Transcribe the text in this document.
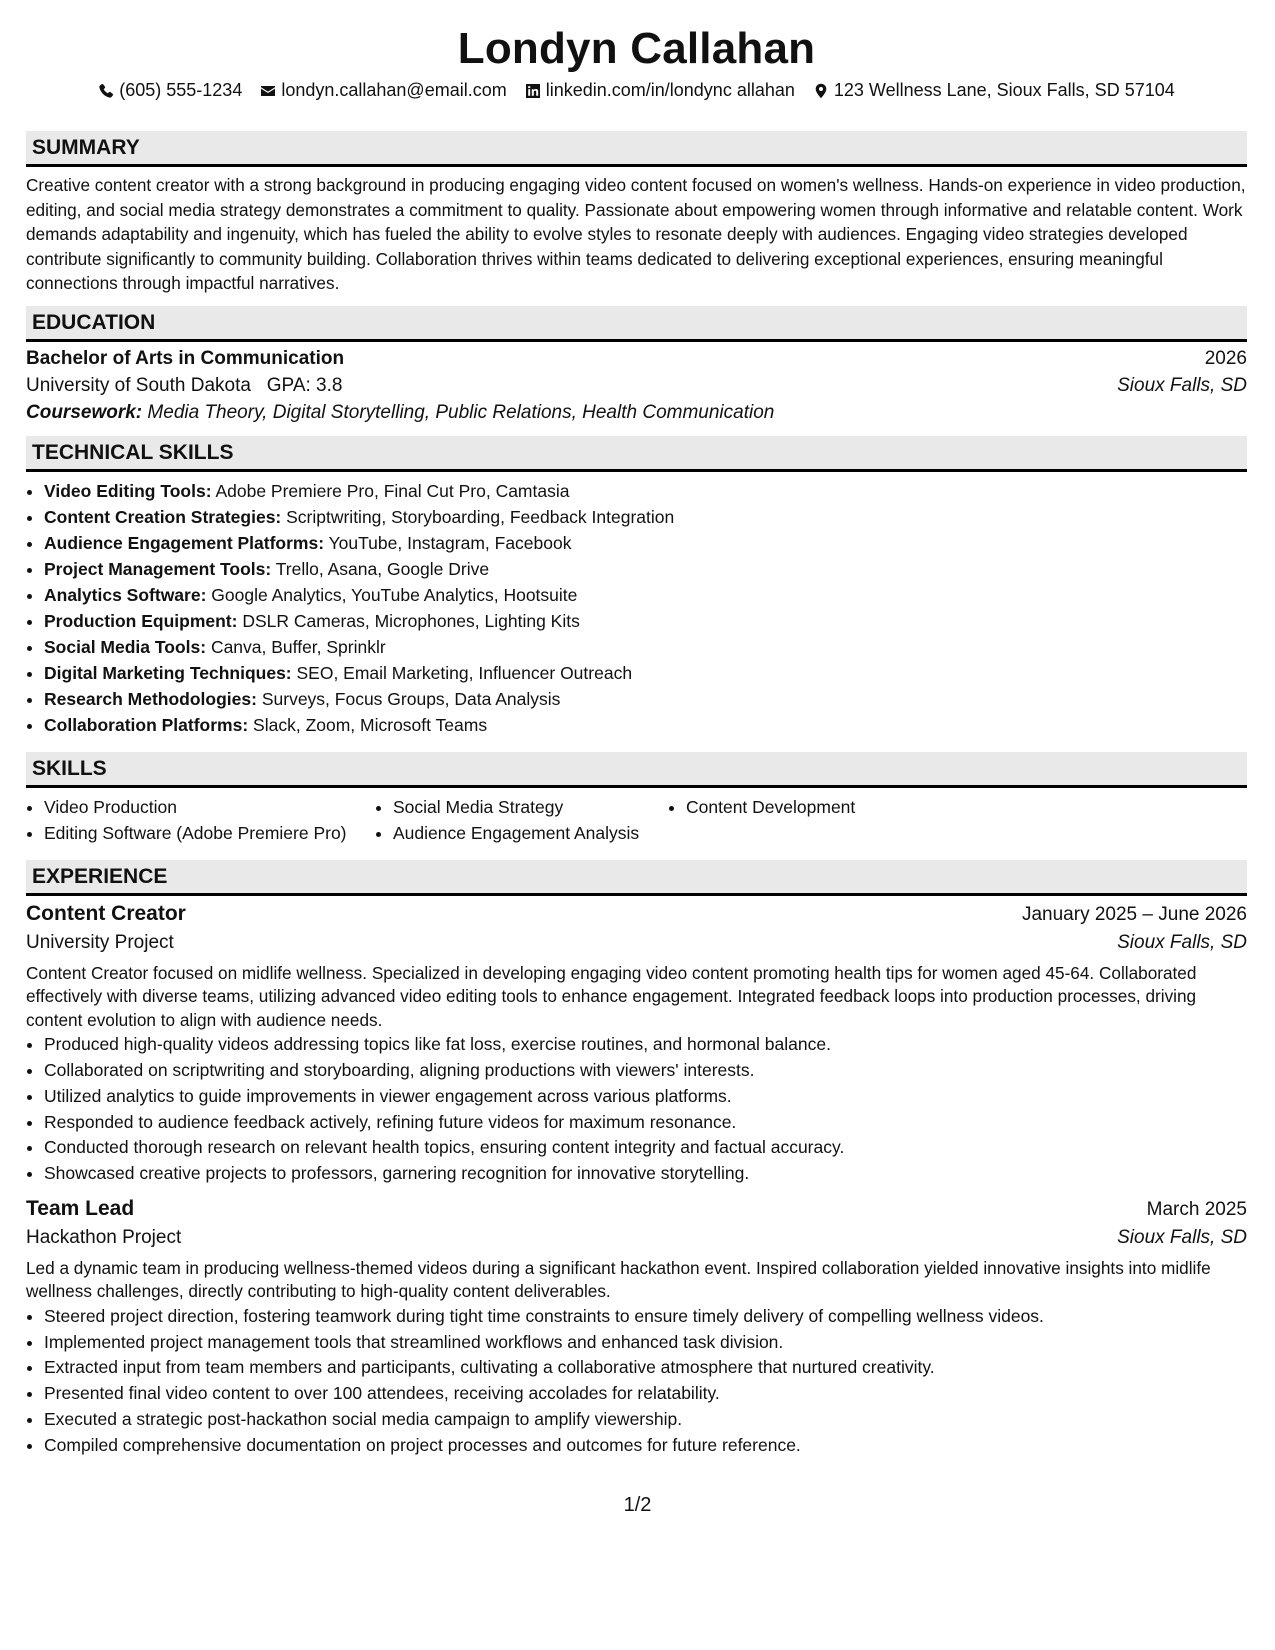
Londyn Callahan
(605) 555-1234 londyn.callahan@email.com linkedin.com/in/londync allahan 123 Wellness Lane, Sioux Falls, SD 57104
SUMMARY

Creative content creator with a strong background in producing engaging video content focused on women's wellness. Hands-on experience in video production, editing, and social media strategy demonstrates a commitment to quality. Passionate about empowering women through informative and relatable content. Work demands adaptability and ingenuity, which has fueled the ability to evolve styles to resonate deeply with audiences. Engaging video strategies developed contribute significantly to community building. Collaboration thrives within teams dedicated to delivering exceptional experiences, ensuring meaningful connections through impactful narratives.

EDUCATION
Bachelor of Arts in Communication	2026
University of South Dakota   GPA: 3.8	Sioux Falls, SD
Coursework: Media Theory, Digital Storytelling, Public Relations, Health Communication
TECHNICAL SKILLS
• Video Editing Tools: Adobe Premiere Pro, Final Cut Pro, Camtasia
• Content Creation Strategies: Scriptwriting, Storyboarding, Feedback Integration
• Audience Engagement Platforms: YouTube, Instagram, Facebook
• Project Management Tools: Trello, Asana, Google Drive
• Analytics Software: Google Analytics, YouTube Analytics, Hootsuite
• Production Equipment: DSLR Cameras, Microphones, Lighting Kits
• Social Media Tools: Canva, Buffer, Sprinklr
• Digital Marketing Techniques: SEO, Email Marketing, Influencer Outreach
• Research Methodologies: Surveys, Focus Groups, Data Analysis
• Collaboration Platforms: Slack, Zoom, Microsoft Teams
SKILLS
• Video Production
• Editing Software (Adobe Premiere Pro)
• Social Media Strategy
• Audience Engagement Analysis
• Content Development
EXPERIENCE
Content Creator	January 2025 – June 2026
University Project	Sioux Falls, SD
Content Creator focused on midlife wellness. Specialized in developing engaging video content promoting health tips for women aged 45-64. Collaborated effectively with diverse teams, utilizing advanced video editing tools to enhance engagement. Integrated feedback loops into production processes, driving content evolution to align with audience needs.
• Produced high-quality videos addressing topics like fat loss, exercise routines, and hormonal balance.
• Collaborated on scriptwriting and storyboarding, aligning productions with viewers' interests.
• Utilized analytics to guide improvements in viewer engagement across various platforms.
• Responded to audience feedback actively, refining future videos for maximum resonance.
• Conducted thorough research on relevant health topics, ensuring content integrity and factual accuracy.
• Showcased creative projects to professors, garnering recognition for innovative storytelling.
Team Lead	March 2025
Hackathon Project	Sioux Falls, SD
Led a dynamic team in producing wellness-themed videos during a significant hackathon event. Inspired collaboration yielded innovative insights into midlife wellness challenges, directly contributing to high-quality content deliverables.
• Steered project direction, fostering teamwork during tight time constraints to ensure timely delivery of compelling wellness videos.
• Implemented project management tools that streamlined workflows and enhanced task division.
• Extracted input from team members and participants, cultivating a collaborative atmosphere that nurtured creativity.
• Presented final video content to over 100 attendees, receiving accolades for relatability.
• Executed a strategic post-hackathon social media campaign to amplify viewership.
• Compiled comprehensive documentation on project processes and outcomes for future reference.
1/2
